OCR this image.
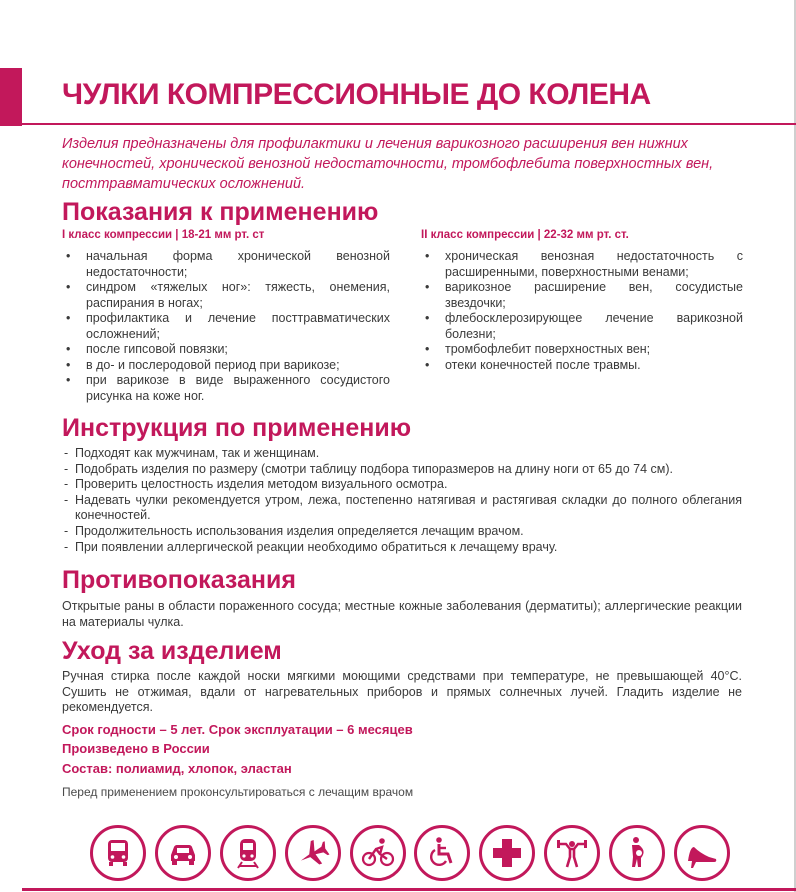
ЧУЛКИ КОМПРЕССИОННЫЕ ДО КОЛЕНА

Изделия предназначены для профилактики и лечения варикозного расширения вен нижних конечностей, хронической венозной недостаточности, тромбофлебита поверхностных вен, посттравматических осложнений.

Показания к применению
I класс компрессии | 18-21 мм рт. ст	II класс компрессии | 22-32 мм рт. ст.
• начальная форма хронической венозной недостаточности;
• синдром «тяжелых ног»: тяжесть, онемения, распирания в ногах;
• профилактика и лечение посттравматических осложнений;
• после гипсовой повязки;
• в до- и послеродовой период при варикозе;
• при варикозе в виде выраженного сосудистого рисунка на коже ног.
• хроническая венозная недостаточность с расширенными, поверхностными венами;
• варикозное расширение вен, сосудистые звездочки;
• флебосклерозирующее лечение варикозной болезни;
• тромбофлебит поверхностных вен;
• отеки конечностей после травмы.
Инструкция по применению
- Подходят как мужчинам, так и женщинам.
- Подобрать изделия по размеру (смотри таблицу подбора типоразмеров на длину ноги от 65 до 74 см).
- Проверить целостность изделия методом визуального осмотра.
- Надевать чулки рекомендуется утром, лежа, постепенно натягивая и растягивая складки до полного облегания конечностей.
- Продолжительность использования изделия определяется лечащим врачом.
- При появлении аллергической реакции необходимо обратиться к лечащему врачу.
Противопоказания

Открытые раны в области пораженного сосуда; местные кожные заболевания (дерматиты); аллергические реакции на материалы чулка.

Уход за изделием

Ручная стирка после каждой носки мягкими моющими средствами при температуре, не превышающей 40°С. Сушить не отжимая, вдали от нагревательных приборов и прямых солнечных лучей. Гладить изделие не рекомендуется.

Срок годности – 5 лет. Срок эксплуатации – 6 месяцев
Произведено в России
Состав: полиамид, хлопок, эластан
Перед применением проконсультироваться с лечащим врачом
